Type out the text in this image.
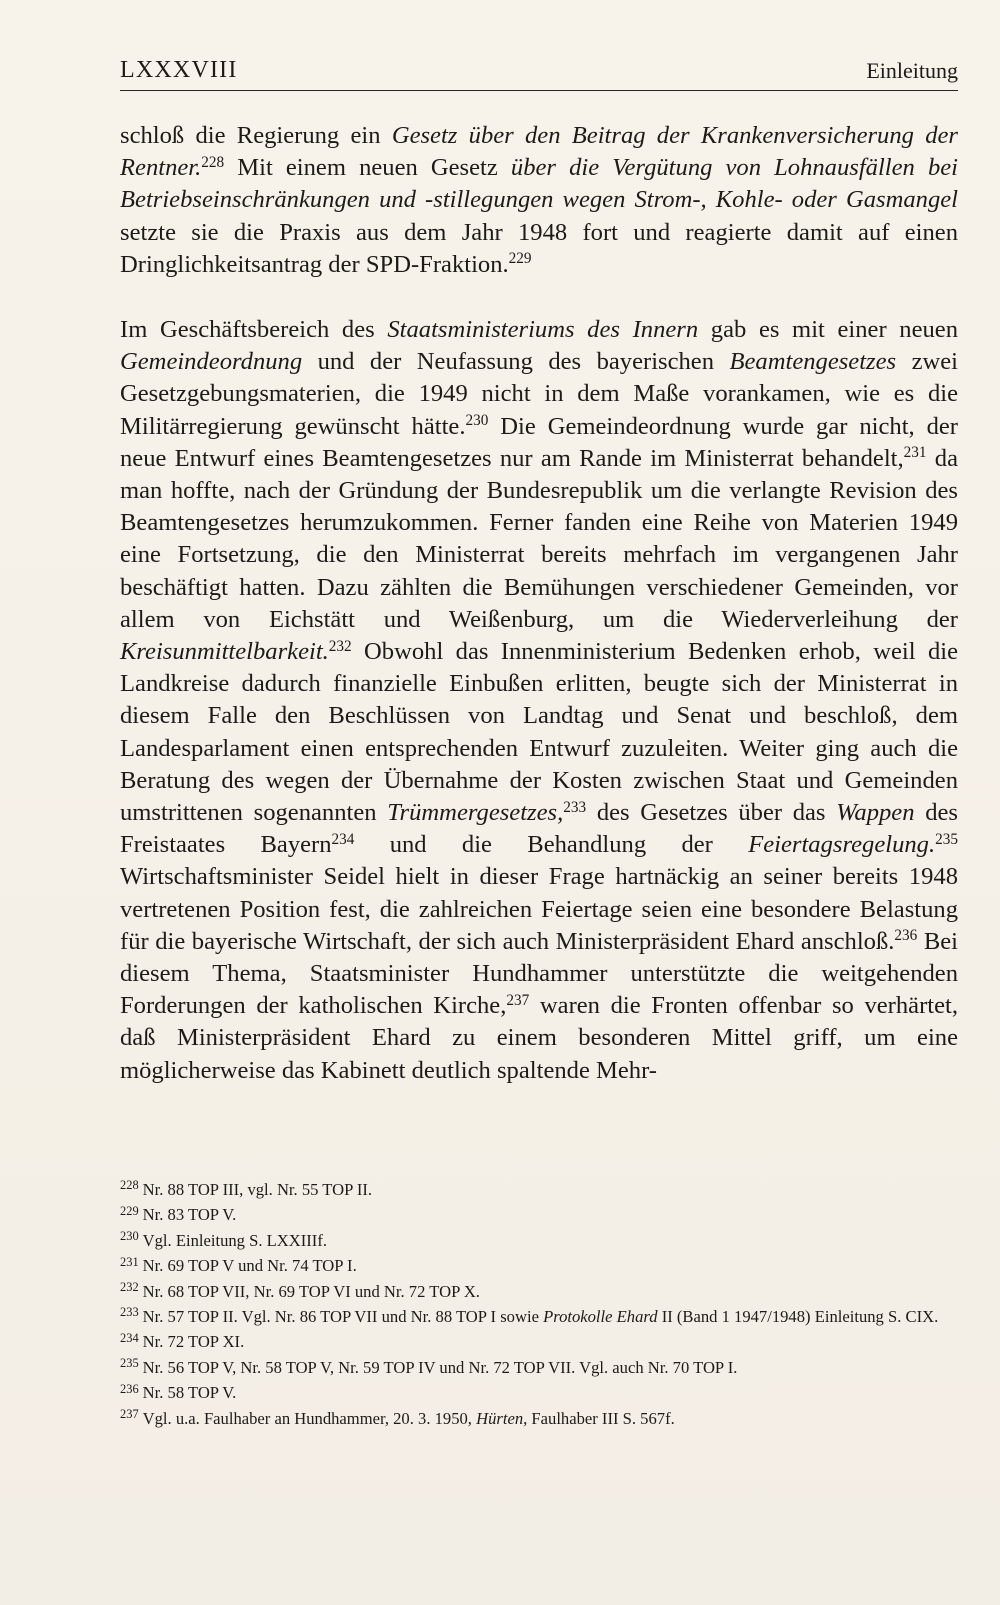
LXXXVIII	Einleitung

schloß die Regierung ein Gesetz über den Beitrag der Krankenversicherung der Rentner.$^{228}$ Mit einem neuen Gesetz über die Vergütung von Lohnausfällen bei Betriebseinschränkungen und -stillegungen wegen Strom-, Kohle- oder Gasmangel setzte sie die Praxis aus dem Jahr 1948 fort und reagierte damit auf einen Dringlichkeitsantrag der SPD-Fraktion.$^{229}$

Im Geschäftsbereich des Staatsministeriums des Innern gab es mit einer neuen Gemeindeordnung und der Neufassung des bayerischen Beamtengesetzes zwei Gesetzgebungsmaterien, die 1949 nicht in dem Maße vorankamen, wie es die Militärregierung gewünscht hätte.$^{230}$ Die Gemeindeordnung wurde gar nicht, der neue Entwurf eines Beamtengesetzes nur am Rande im Ministerrat behandelt,$^{231}$ da man hoffte, nach der Gründung der Bundesrepublik um die verlangte Revision des Beamtengesetzes herumzukommen. Ferner fanden eine Reihe von Materien 1949 eine Fortsetzung, die den Ministerrat bereits mehrfach im vergangenen Jahr beschäftigt hatten. Dazu zählten die Bemühungen verschiedener Gemeinden, vor allem von Eichstätt und Weißenburg, um die Wiederverleihung der Kreisunmittelbarkeit.$^{232}$ Obwohl das Innenministerium Bedenken erhob, weil die Landkreise dadurch finanzielle Einbußen erlitten, beugte sich der Ministerrat in diesem Falle den Beschlüssen von Landtag und Senat und beschloß, dem Landesparlament einen entsprechenden Entwurf zuzuleiten. Weiter ging auch die Beratung des wegen der Übernahme der Kosten zwischen Staat und Gemeinden umstrittenen sogenannten Trümmergesetzes,$^{233}$ des Gesetzes über das Wappen des Freistaates Bayern$^{234}$ und die Behandlung der Feiertagsregelung.$^{235}$ Wirtschaftsminister Seidel hielt in dieser Frage hartnäckig an seiner bereits 1948 vertretenen Position fest, die zahlreichen Feiertage seien eine besondere Belastung für die bayerische Wirtschaft, der sich auch Ministerpräsident Ehard anschloß.$^{236}$ Bei diesem Thema, Staatsminister Hundhammer unterstützte die weitgehenden Forderungen der katholischen Kirche,$^{237}$ waren die Fronten offenbar so verhärtet, daß Ministerpräsident Ehard zu einem besonderen Mittel griff, um eine möglicherweise das Kabinett deutlich spaltende Mehr-

$^{228}$ Nr. 88 TOP III, vgl. Nr. 55 TOP II.

$^{229}$ Nr. 83 TOP V.

$^{230}$ Vgl. Einleitung S. LXXIIIf.

$^{231}$ Nr. 69 TOP V und Nr. 74 TOP I.

$^{232}$ Nr. 68 TOP VII, Nr. 69 TOP VI und Nr. 72 TOP X.

$^{233}$ Nr. 57 TOP II. Vgl. Nr. 86 TOP VII und Nr. 88 TOP I sowie Protokolle Ehard II (Band 1 1947/1948) Einleitung S. CIX.

$^{234}$ Nr. 72 TOP XI.

$^{235}$ Nr. 56 TOP V, Nr. 58 TOP V, Nr. 59 TOP IV und Nr. 72 TOP VII. Vgl. auch Nr. 70 TOP I.

$^{236}$ Nr. 58 TOP V.

$^{237}$ Vgl. u.a. Faulhaber an Hundhammer, 20. 3. 1950, Hürten, Faulhaber III S. 567f.
